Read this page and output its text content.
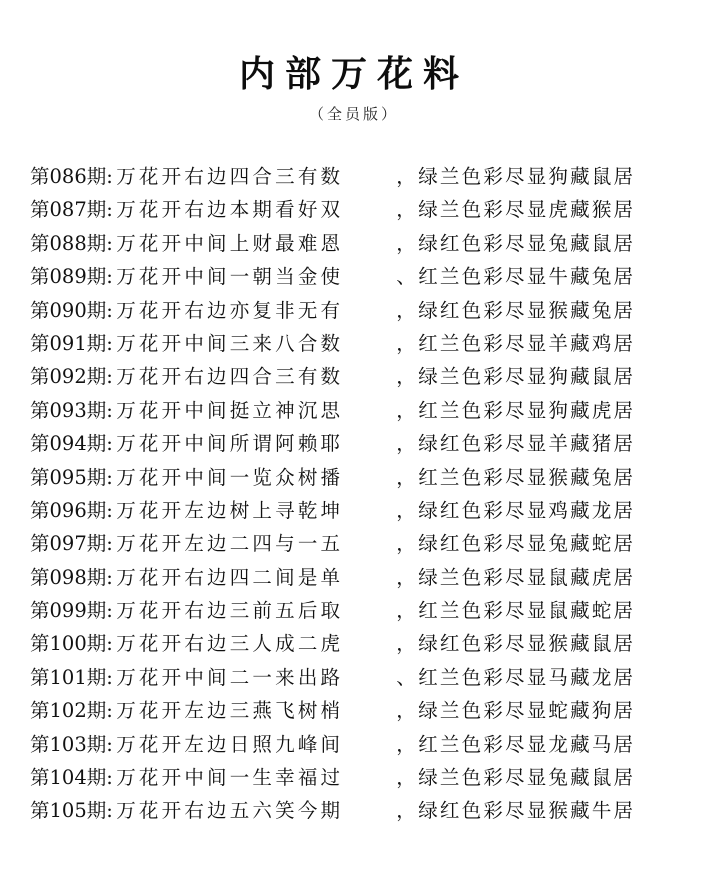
内部万花料
（全员版）
第086期 : 万花开右边四合三有数	， 绿兰色彩尽显狗藏鼠居
第087期 : 万花开右边本期看好双	， 绿兰色彩尽显虎藏猴居
第088期 : 万花开中间上财最难恩	， 绿红色彩尽显兔藏鼠居
第089期 : 万花开中间一朝当金使	、 红兰色彩尽显牛藏兔居
第090期 : 万花开右边亦复非无有	， 绿红色彩尽显猴藏兔居
第091期 : 万花开中间三来八合数	， 红兰色彩尽显羊藏鸡居
第092期 : 万花开右边四合三有数	， 绿兰色彩尽显狗藏鼠居
第093期 : 万花开中间挺立神沉思	， 红兰色彩尽显狗藏虎居
第094期 : 万花开中间所谓阿赖耶	， 绿红色彩尽显羊藏猪居
第095期 : 万花开中间一览众树播	， 红兰色彩尽显猴藏兔居
第096期 : 万花开左边树上寻乾坤	， 绿红色彩尽显鸡藏龙居
第097期 : 万花开左边二四与一五	， 绿红色彩尽显兔藏蛇居
第098期 : 万花开右边四二间是单	， 绿兰色彩尽显鼠藏虎居
第099期 : 万花开右边三前五后取	， 红兰色彩尽显鼠藏蛇居
第100期 : 万花开右边三人成二虎	， 绿红色彩尽显猴藏鼠居
第101期 : 万花开中间二一来出路	、 红兰色彩尽显马藏龙居
第102期 : 万花开左边三燕飞树梢	， 绿兰色彩尽显蛇藏狗居
第103期 : 万花开左边日照九峰间	， 红兰色彩尽显龙藏马居
第104期 : 万花开中间一生幸福过	， 绿兰色彩尽显兔藏鼠居
第105期 : 万花开右边五六笑今期	， 绿红色彩尽显猴藏牛居
